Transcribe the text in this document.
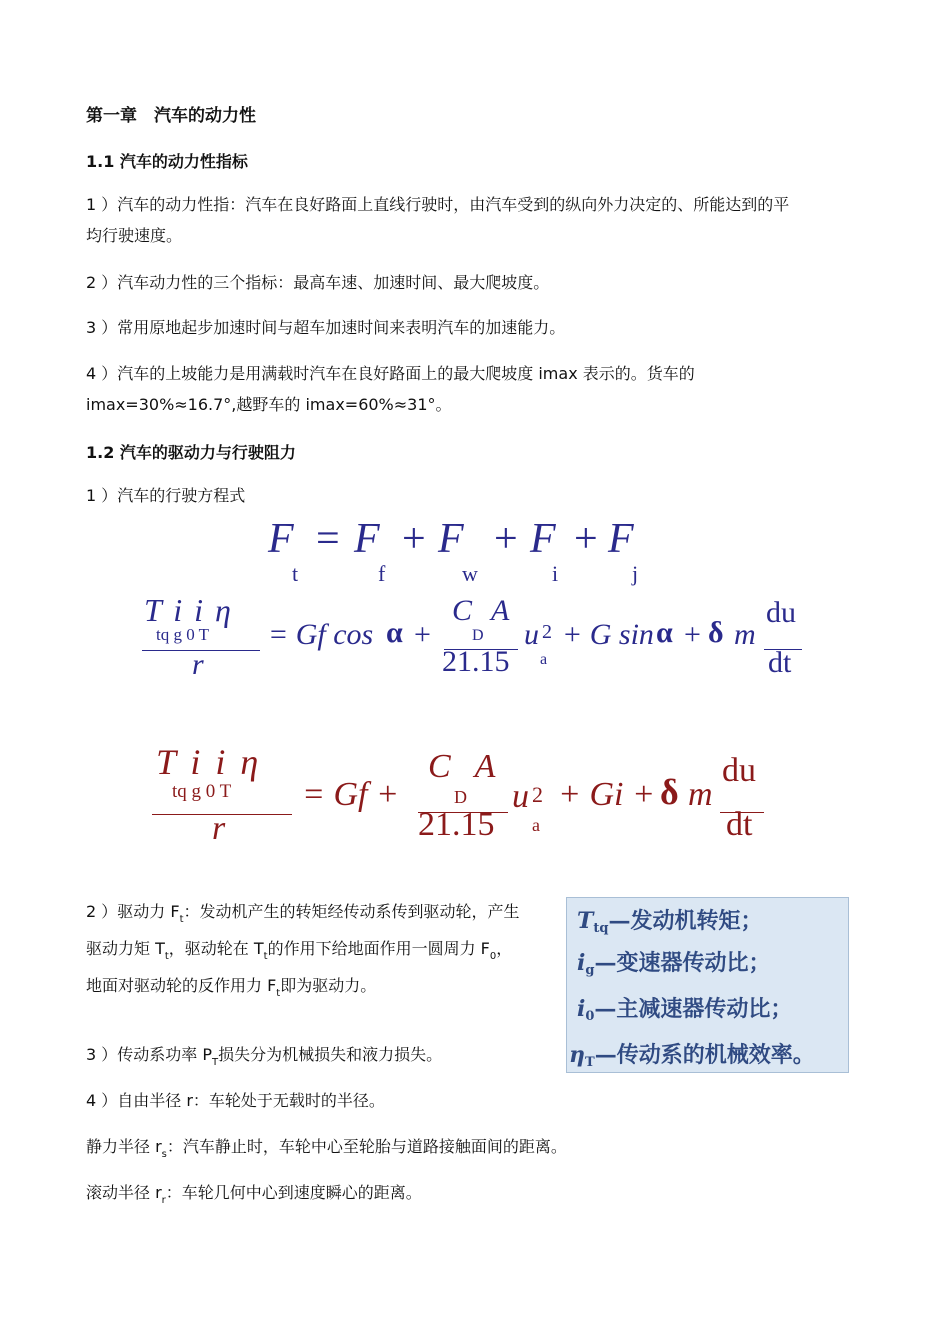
第一章　汽车的动力性
1.1 汽车的动力性指标
1 ）汽车的动力性指：汽车在良好路面上直线行驶时，由汽车受到的纵向外力决定的、所能达到的平
均行驶速度。
2 ）汽车动力性的三个指标：最高车速、加速时间、最大爬坡度。
3 ）常用原地起步加速时间与超车加速时间来表明汽车的加速能力。
4 ）汽车的上坡能力是用满载时汽车在良好路面上的最大爬坡度 imax 表示的。货车的
imax=30%≈16.7°,越野车的 imax=60%≈31°。
1.2 汽车的驱动力与行驶阻力
1 ）汽车的行驶方程式
F = F + F + F + F
t	f	w	i	j
T i i η
tq g 0 T
r
= Gf cos α +
C A
D
21.15
u 2
a
+ G sin α + δ m
du
dt
T i i η
tq g 0 T
r
= Gf +
C A
D
21.15
u 2
a
+ Gi + δ m
du
dt
2 ）驱动力 $F_t$：发动机产生的转矩经传动系传到驱动轮，产生
驱动力矩 $T_t$，驱动轮在 $T_t$的作用下给地面作用一圆周力 $F_0$，
地面对驱动轮的反作用力 $F_t$即为驱动力。
3 ）传动系功率 $P_T$损失分为机械损失和液力损失。
4 ）自由半径 r：车轮处于无载时的半径。
静力半径 $r_s$：汽车静止时，车轮中心至轮胎与道路接触面间的距离。
滚动半径 $r_r$：车轮几何中心到速度瞬心的距离。
$T_{tq}—$发动机转矩；
$i_g—$变速器传动比；
$i_0—$主减速器传动比；
$\eta_T—$传动系的机械效率。
